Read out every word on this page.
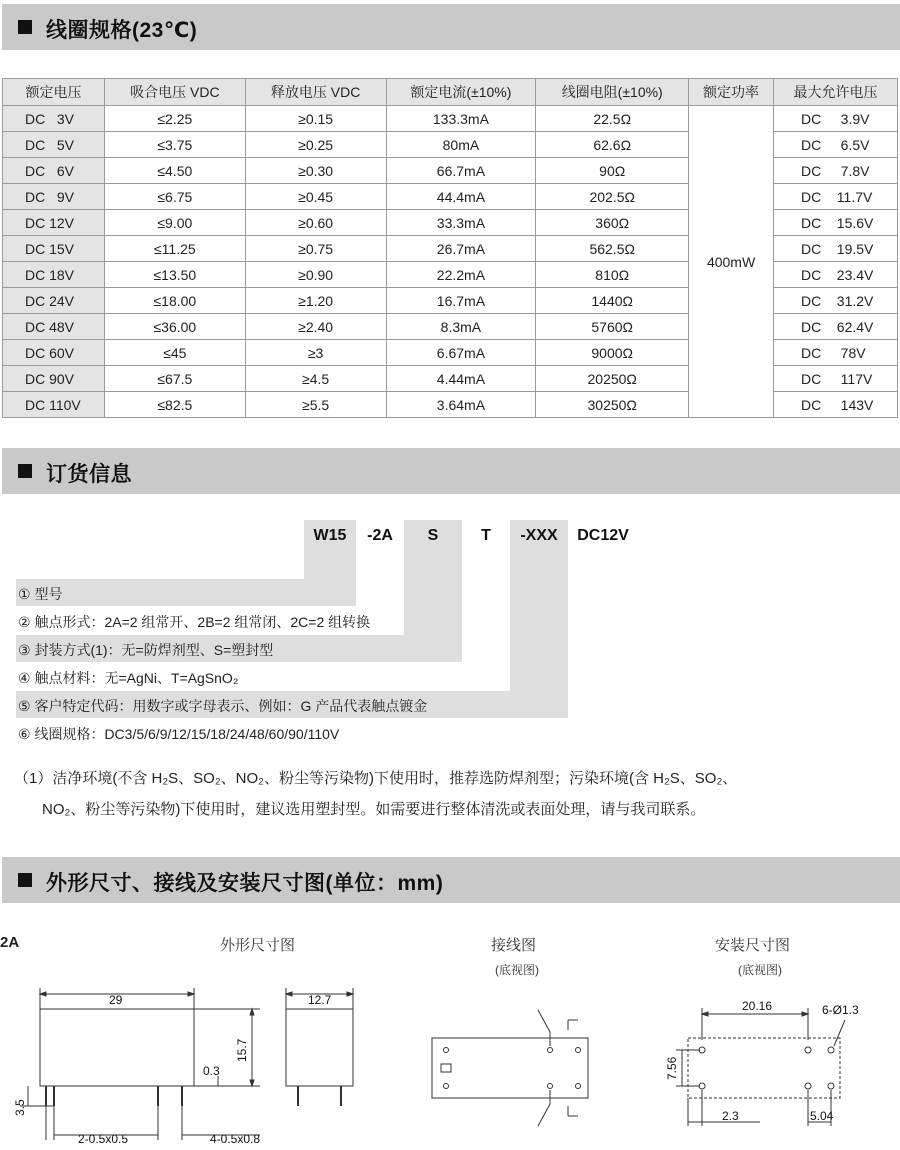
线圈规格(23℃)
额定电压	吸合电压 VDC	释放电压 VDC	额定电流(±10%)	线圈电阻(±10%)	额定功率	最大允许电压
DC   3V	≤2.25	≥0.15	133.3mA	22.5Ω	400mW	DC     3.9V
DC   5V	≤3.75	≥0.25	80mA	62.6Ω		DC     6.5V
DC   6V	≤4.50	≥0.30	66.7mA	90Ω		DC     7.8V
DC   9V	≤6.75	≥0.45	44.4mA	202.5Ω		DC    11.7V
DC 12V	≤9.00	≥0.60	33.3mA	360Ω		DC    15.6V
DC 15V	≤11.25	≥0.75	26.7mA	562.5Ω		DC    19.5V
DC 18V	≤13.50	≥0.90	22.2mA	810Ω		DC    23.4V
DC 24V	≤18.00	≥1.20	16.7mA	1440Ω		DC    31.2V
DC 48V	≤36.00	≥2.40	8.3mA	5760Ω		DC    62.4V
DC 60V	≤45	≥3	6.67mA	9000Ω		DC     78V
DC 90V	≤67.5	≥4.5	4.44mA	20250Ω		DC     117V
DC 110V	≤82.5	≥5.5	3.64mA	30250Ω		DC     143V
订货信息
W15	-2A	S	T	-XXX	DC12V
① 型号
② 触点形式：2A=2 组常开、2B=2 组常闭、2C=2 组转换
③ 封装方式(1)：无=防焊剂型、S=塑封型
④ 触点材料：无=AgNi、T=AgSnO₂
⑤ 客户特定代码：用数字或字母表示、例如：G 产品代表触点镀金
⑥ 线圈规格：DC3/5/6/9/12/15/18/24/48/60/90/110V
（1）洁净环境(不含 H₂S、SO₂、NO₂、粉尘等污染物)下使用时，推荐选防焊剂型；污染环境(含 H₂S、SO₂、
NO₂、粉尘等污染物)下使用时，建议选用塑封型。如需要进行整体清洗或表面处理，请与我司联系。
外形尺寸、接线及安装尺寸图(单位：mm)
2A	外形尺寸图	接线图
(底视图)
安装尺寸图
(底视图)
29	12.7
15.7
0.3
3.5
2-0.5x0.5	4-0.5x0.8
20.16	6-Ø1.3
7.56
2.3	5.04
